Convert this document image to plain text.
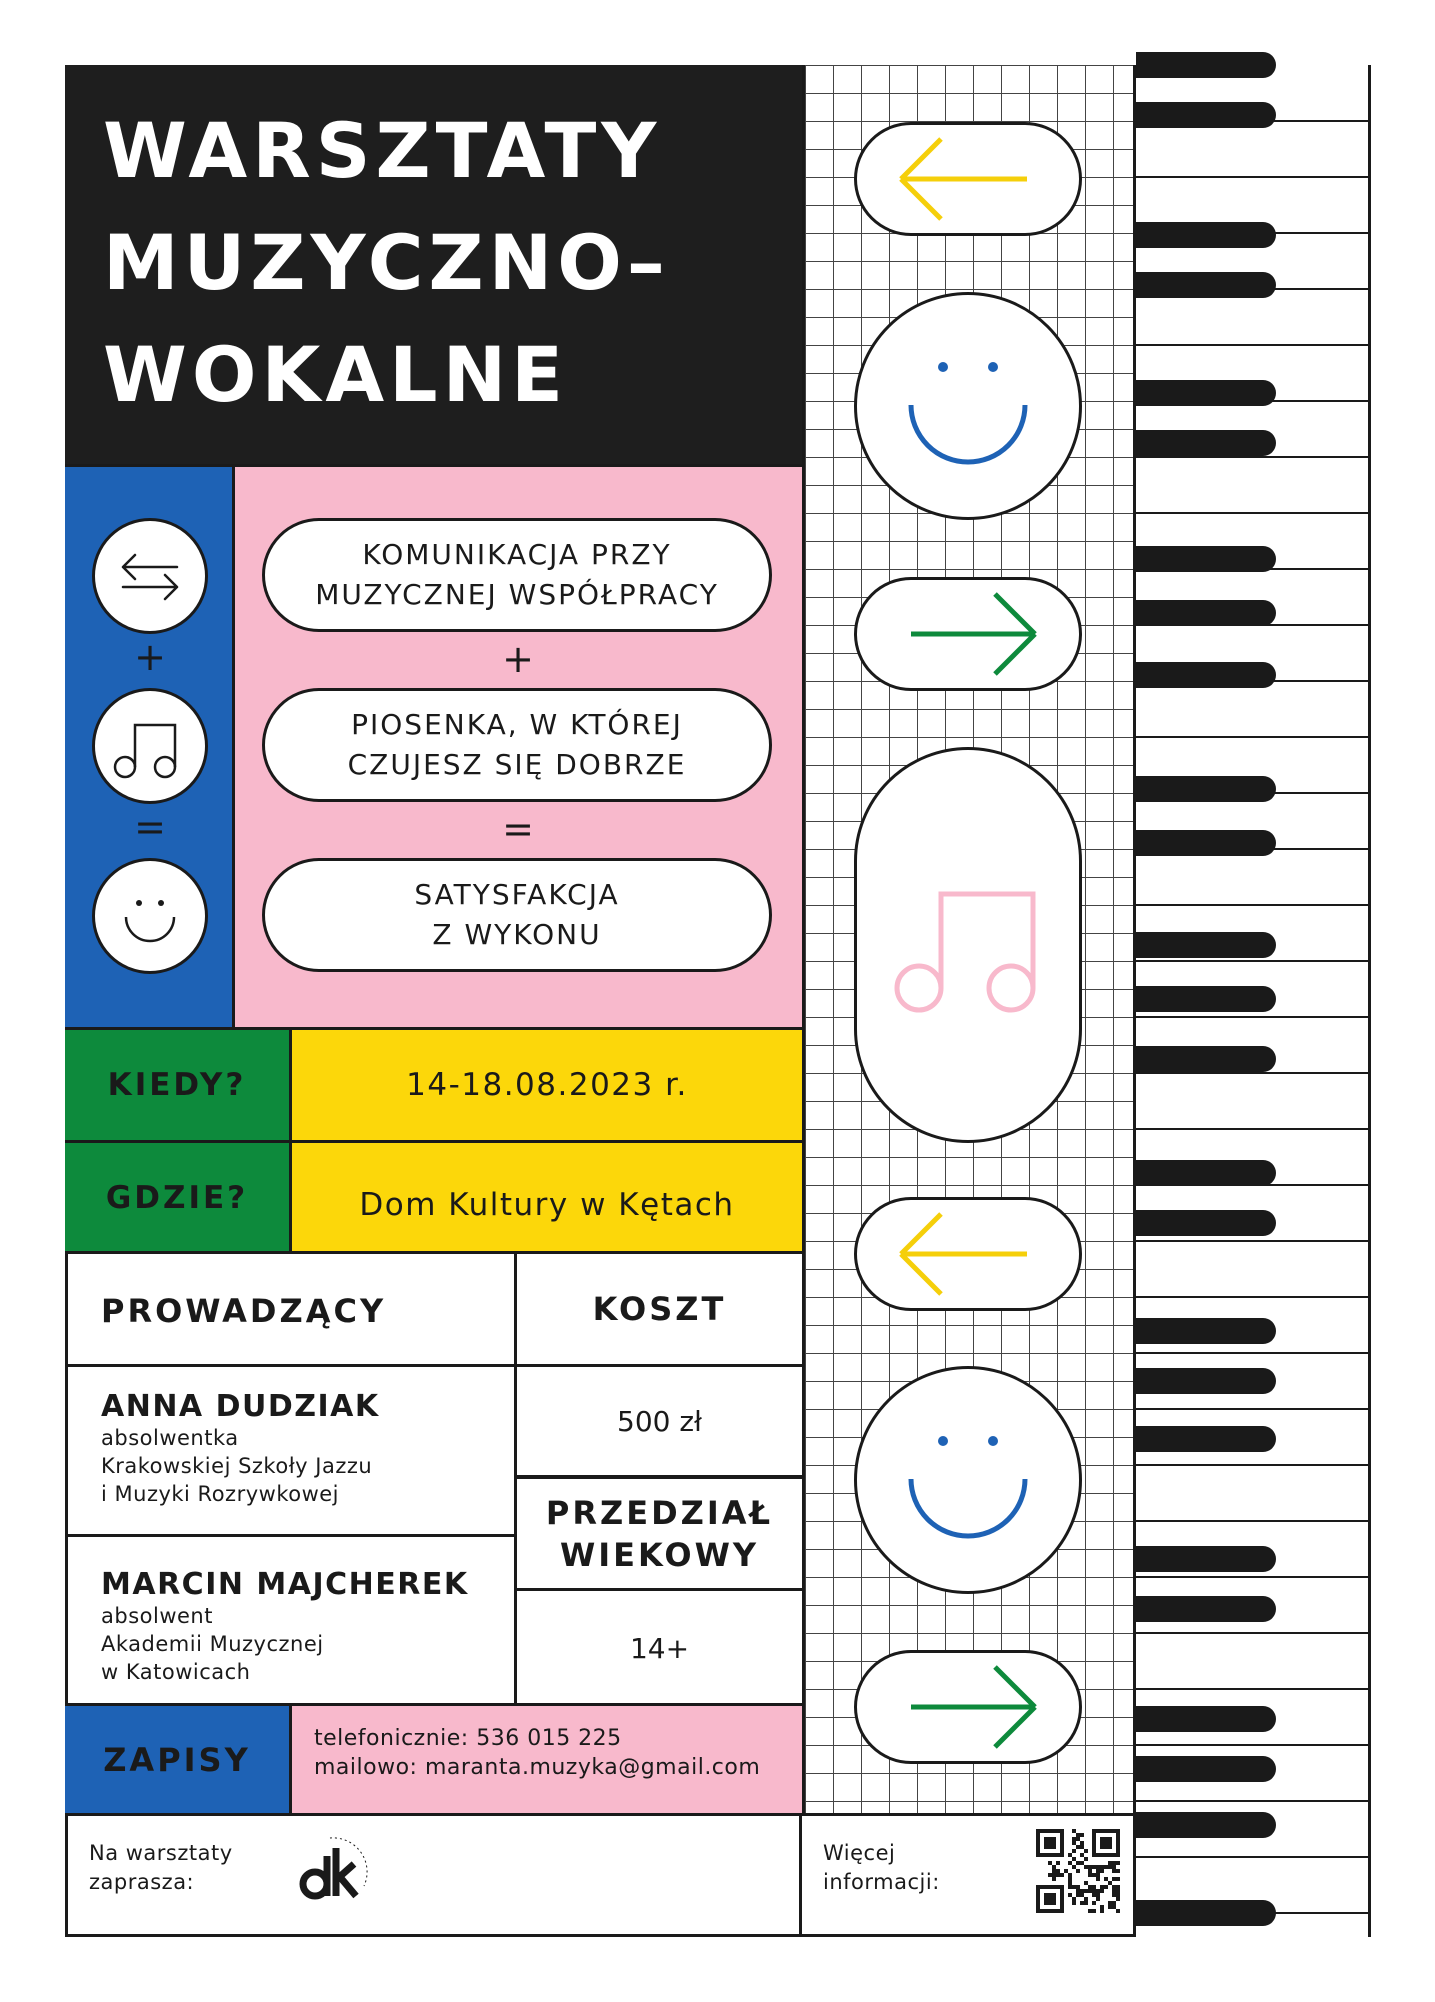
WARSZTATY
MUZYCZNO–
WOKALNE
+
=
KOMUNIKACJA PRZY
MUZYCZNEJ WSPÓŁPRACY
+
PIOSENKA, W KTÓREJ
CZUJESZ SIĘ DOBRZE
=
SATYSFAKCJA
Z WYKONU
KIEDY?	14-18.08.2023 r.
GDZIE?	Dom Kultury w Kętach
PROWADZĄCY
ANNA DUDZIAK
absolwentka
Krakowskiej Szkoły Jazzu
i Muzyki Rozrywkowej
MARCIN MAJCHEREK
absolwent
Akademii Muzycznej
w Katowicach
KOSZT
500 zł
PRZEDZIAŁ
WIEKOWY
14+
ZAPISY
telefonicznie: 536 015 225
mailowo: maranta.muzyka@gmail.com
Na warsztaty
zaprasza:
Więcej
informacji:
